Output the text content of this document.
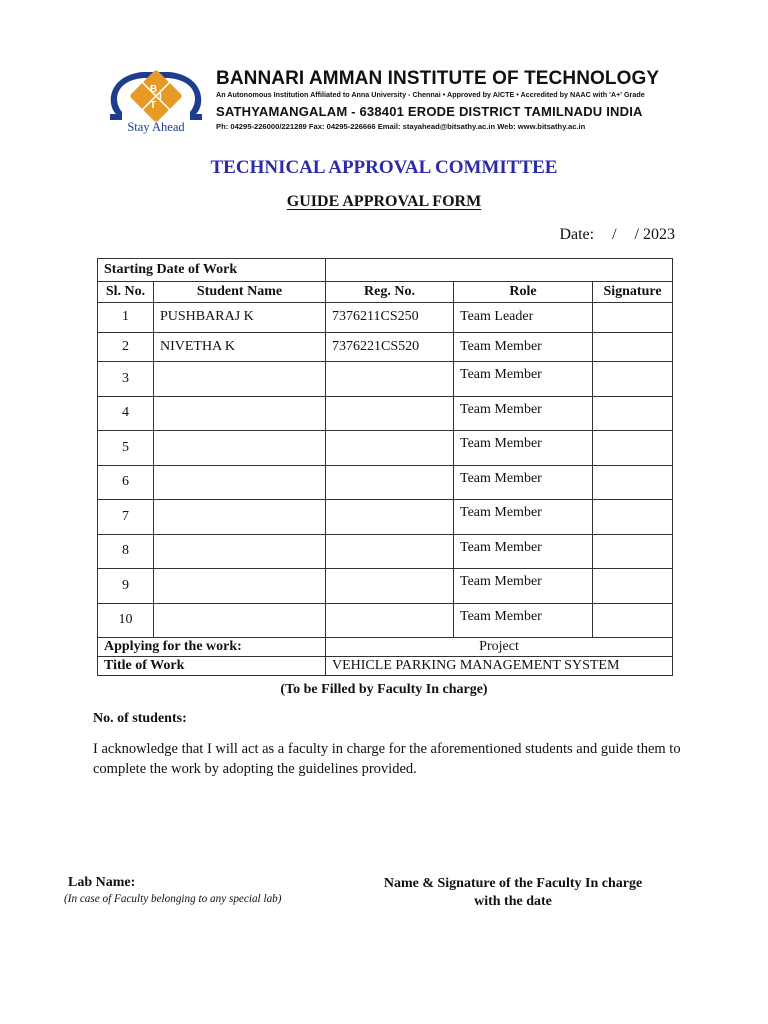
B
I
T
Stay Ahead
BANNARI AMMAN INSTITUTE OF TECHNOLOGY
An Autonomous Institution Affiliated to Anna University - Chennai • Approved by AICTE • Accredited by NAAC with 'A+' Grade
SATHYAMANGALAM - 638401 ERODE DISTRICT TAMILNADU INDIA
Ph: 04295-226000/221289 Fax: 04295-226666 Email: stayahead@bitsathy.ac.in Web: www.bitsathy.ac.in
TECHNICAL APPROVAL COMMITTEE
GUIDE APPROVAL FORM
Date: / / 2023
Starting Date of Work				
Sl. No.	Student Name	Reg. No.	Role	Signature
1	PUSHBARAJ K	7376211CS250	Team Leader	
2	NIVETHA K	7376221CS520	Team Member	
3			Team Member	
4			Team Member	
5			Team Member	
6			Team Member	
7			Team Member	
8			Team Member	
9			Team Member	
10			Team Member	
Applying for the work:		Project		
Title of Work		VEHICLE PARKING MANAGEMENT SYSTEM		
(To be Filled by Faculty In charge)
No. of students:
I acknowledge that I will act as a faculty in charge for the aforementioned students and guide them to complete the work by adopting the guidelines provided.
Lab Name:
(In case of Faculty belonging to any special lab)
Name & Signature of the Faculty In charge
with the date
